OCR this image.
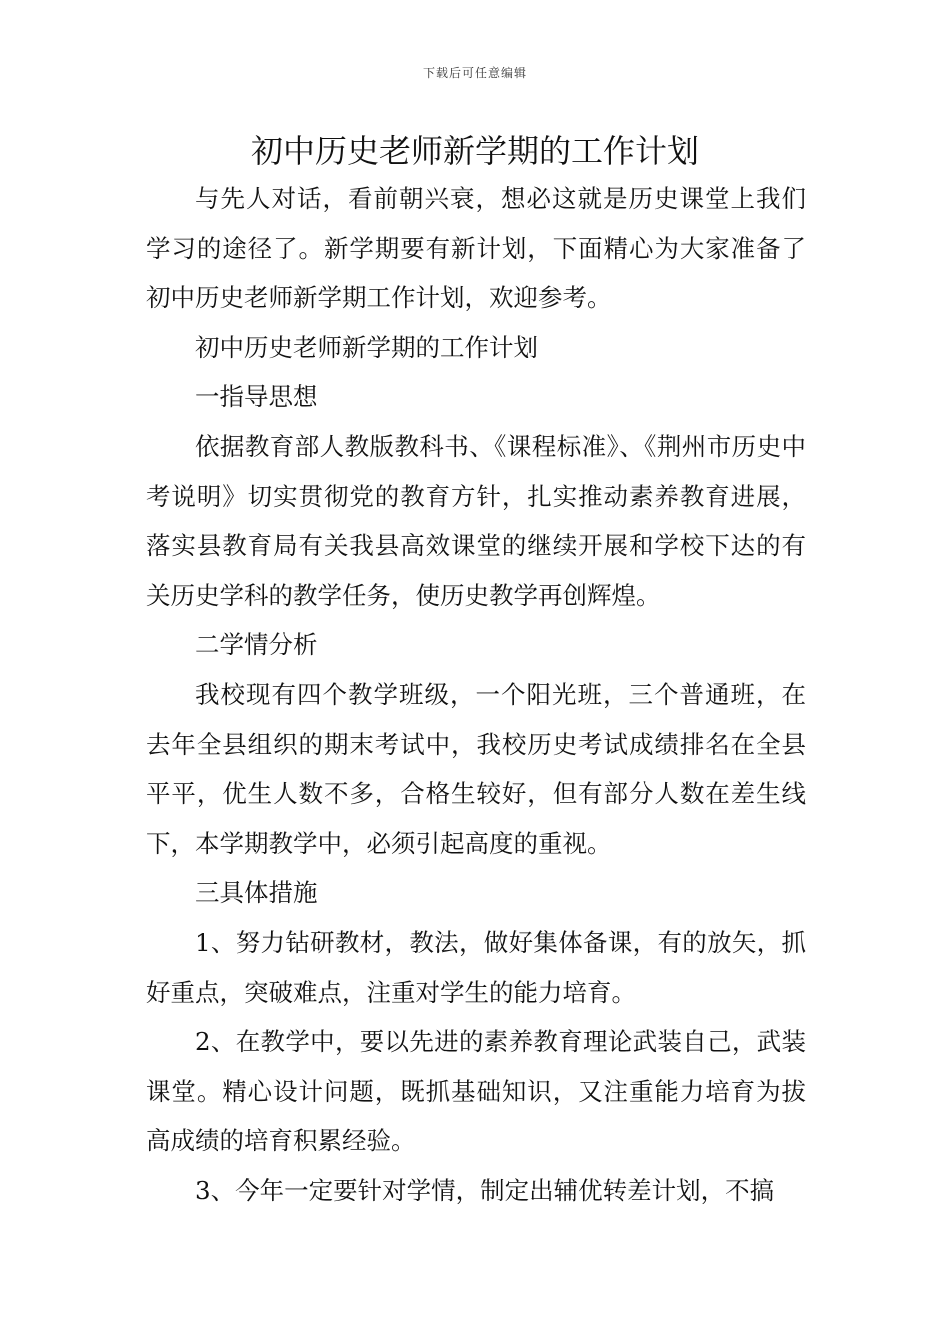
下载后可任意编辑
初中历史老师新学期的工作计划

与先人对话，看前朝兴衰，想必这就是历史课堂上我们学习的途径了。新学期要有新计划，下面精心为大家准备了初中历史老师新学期工作计划，欢迎参考。

初中历史老师新学期的工作计划

一指导思想

依据教育部人教版教科书、《课程标准》、《荆州市历史中考说明》切实贯彻党的教育方针，扎实推动素养教育进展，落实县教育局有关我县高效课堂的继续开展和学校下达的有关历史学科的教学任务，使历史教学再创辉煌。

二学情分析

我校现有四个教学班级，一个阳光班，三个普通班，在去年全县组织的期末考试中，我校历史考试成绩排名在全县平平，优生人数不多，合格生较好，但有部分人数在差生线下，本学期教学中，必须引起高度的重视。

三具体措施

1、努力钻研教材，教法，做好集体备课，有的放矢，抓好重点，突破难点，注重对学生的能力培育。

2、在教学中，要以先进的素养教育理论武装自己，武装课堂。精心设计问题，既抓基础知识，又注重能力培育为拔高成绩的培育积累经验。

3、今年一定要针对学情，制定出辅优转差计划，不搞
